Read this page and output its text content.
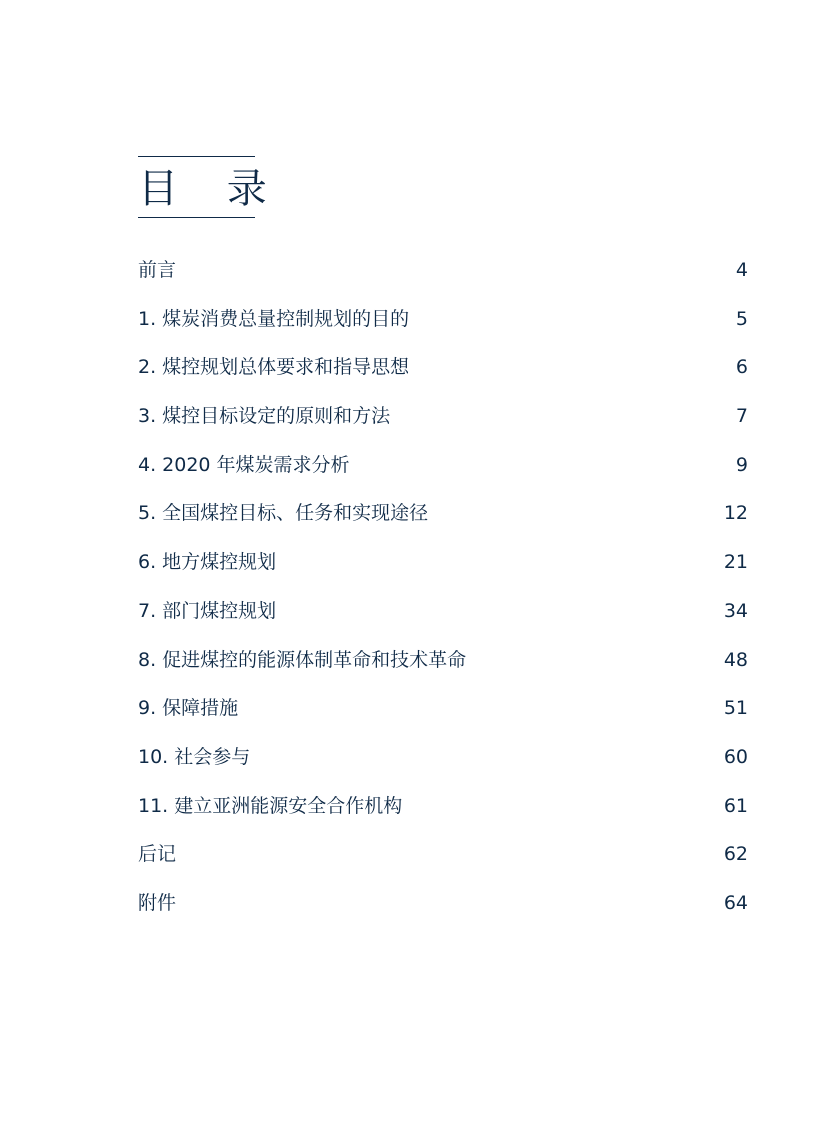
目 录
前言	4
1. 煤炭消费总量控制规划的目的	5
2. 煤控规划总体要求和指导思想	6
3. 煤控目标设定的原则和方法	7
4. 2020 年煤炭需求分析	9
5. 全国煤控目标、任务和实现途径	12
6. 地方煤控规划	21
7. 部门煤控规划	34
8. 促进煤控的能源体制革命和技术革命	48
9. 保障措施	51
10. 社会参与	60
11. 建立亚洲能源安全合作机构	61
后记	62
附件	64
